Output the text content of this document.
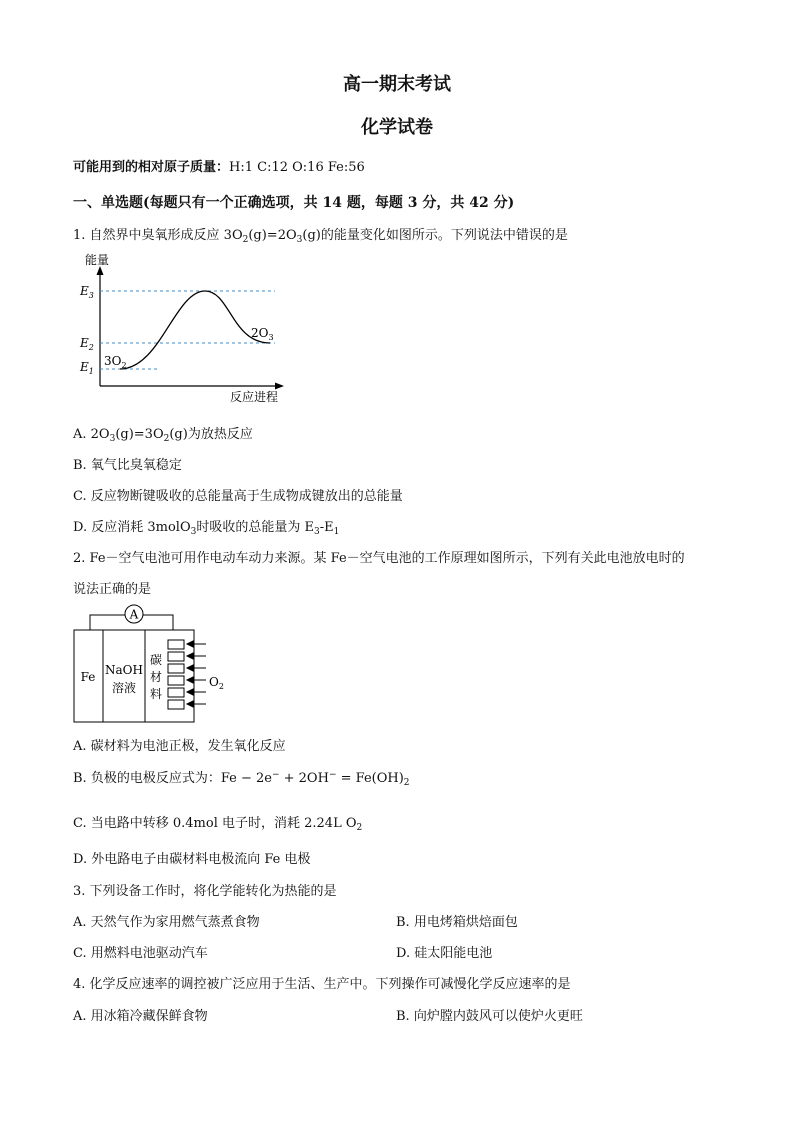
高一期末考试
化学试卷
可能用到的相对原子质量：H:1 C:12 O:16 Fe:56
一、单选题(每题只有一个正确选项，共 14 题，每题 3 分，共 42 分)
1. 自然界中臭氧形成反应 $3O_2(g)=2O_3(g)$的能量变化如图所示。下列说法中错误的是
能量
反应进程
$E_3$
$E_2$
$E_1$
$3O_2$
$2O_3$
A. $2O_3(g)=3O_2(g)$为放热反应
B. 氧气比臭氧稳定
C. 反应物断键吸收的总能量高于生成物成键放出的总能量
D. 反应消耗 3molO$_3$时吸收的总能量为 $E_3-E_1$
2. Fe－空气电池可用作电动车动力来源。某 Fe－空气电池的工作原理如图所示，下列有关此电池放电时的
说法正确的是
A
Fe NaOH
溶液
碳
材
料
$O_2$
A. 碳材料为电池正极，发生氧化反应
B. 负极的电极反应式为：$Fe - 2e^- + 2OH^- = Fe(OH)_2$
C. 当电路中转移 0.4mol 电子时，消耗 2.24L $O_2$
D. 外电路电子由碳材料电极流向 Fe 电极
3. 下列设备工作时，将化学能转化为热能的是
A. 天然气作为家用燃气蒸煮食物	B. 用电烤箱烘焙面包
C. 用燃料电池驱动汽车	D. 硅太阳能电池
4. 化学反应速率的调控被广泛应用于生活、生产中。下列操作可减慢化学反应速率的是
A. 用冰箱冷藏保鲜食物	B. 向炉膛内鼓风可以使炉火更旺
